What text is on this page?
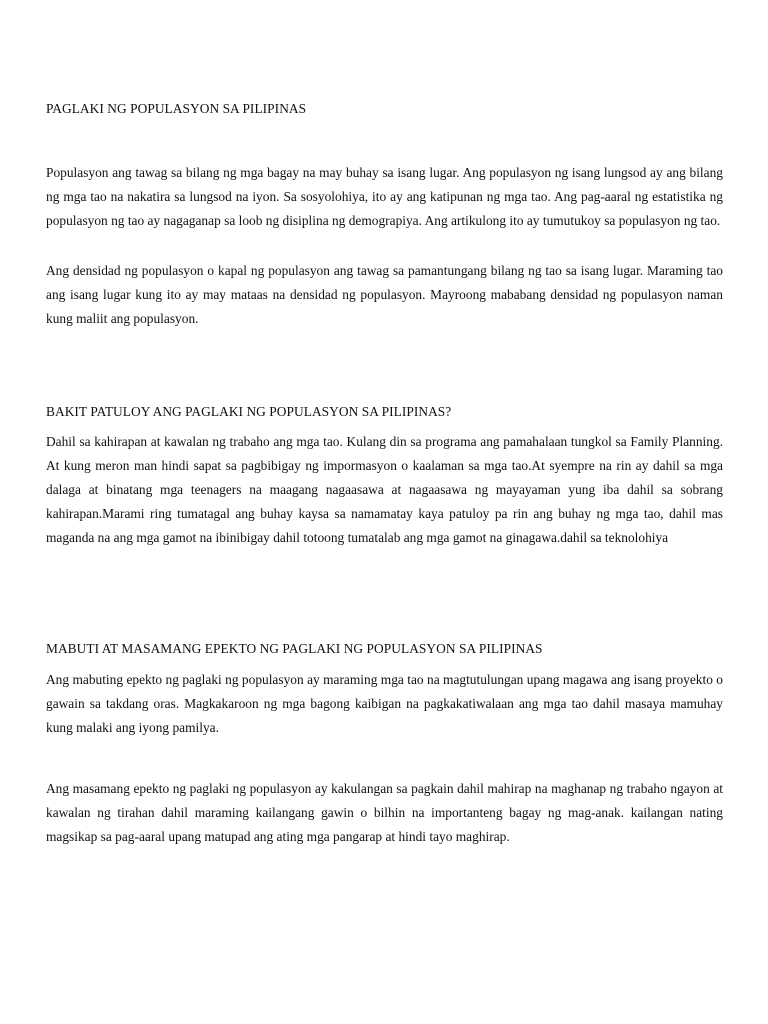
PAGLAKI NG POPULASYON SA PILIPINAS

Populasyon ang tawag sa bilang ng mga bagay na may buhay sa isang lugar. Ang populasyon ng isang lungsod ay ang bilang ng mga tao na nakatira sa lungsod na iyon. Sa sosyolohiya, ito ay ang katipunan ng mga tao. Ang pag-aaral ng estatistika ng populasyon ng tao ay nagaganap sa loob ng disiplina ng demograpiya. Ang artikulong ito ay tumutukoy sa populasyon ng tao.

Ang densidad ng populasyon o kapal ng populasyon ang tawag sa pamantungang bilang ng tao sa isang lugar. Maraming tao ang isang lugar kung ito ay may mataas na densidad ng populasyon. Mayroong mababang densidad ng populasyon naman kung maliit ang populasyon.

BAKIT PATULOY ANG PAGLAKI NG POPULASYON SA PILIPINAS?

Dahil sa kahirapan at kawalan ng trabaho ang mga tao. Kulang din sa programa ang pamahalaan tungkol sa Family Planning. At kung meron man hindi sapat sa pagbibigay ng impormasyon o kaalaman sa mga tao.At syempre na rin ay dahil sa mga dalaga at binatang mga teenagers na maagang nagaasawa at nagaasawa ng mayayaman yung iba dahil sa sobrang kahirapan.Marami ring tumatagal ang buhay kaysa sa namamatay kaya patuloy pa rin ang buhay ng mga tao, dahil mas maganda na ang mga gamot na ibinibigay dahil totoong tumatalab ang mga gamot na ginagawa.dahil sa teknolohiya

MABUTI AT MASAMANG EPEKTO NG PAGLAKI NG POPULASYON SA PILIPINAS

Ang mabuting epekto ng paglaki ng populasyon ay maraming mga tao na magtutulungan upang magawa ang isang proyekto o gawain sa takdang oras. Magkakaroon ng mga bagong kaibigan na pagkakatiwalaan ang mga tao dahil masaya mamuhay kung malaki ang iyong pamilya.

Ang masamang epekto ng paglaki ng populasyon ay kakulangan sa pagkain dahil mahirap na maghanap ng trabaho ngayon at kawalan ng tirahan dahil maraming kailangang gawin o bilhin na importanteng bagay ng mag-anak. kailangan nating magsikap sa pag-aaral upang matupad ang ating mga pangarap at hindi tayo maghirap.
